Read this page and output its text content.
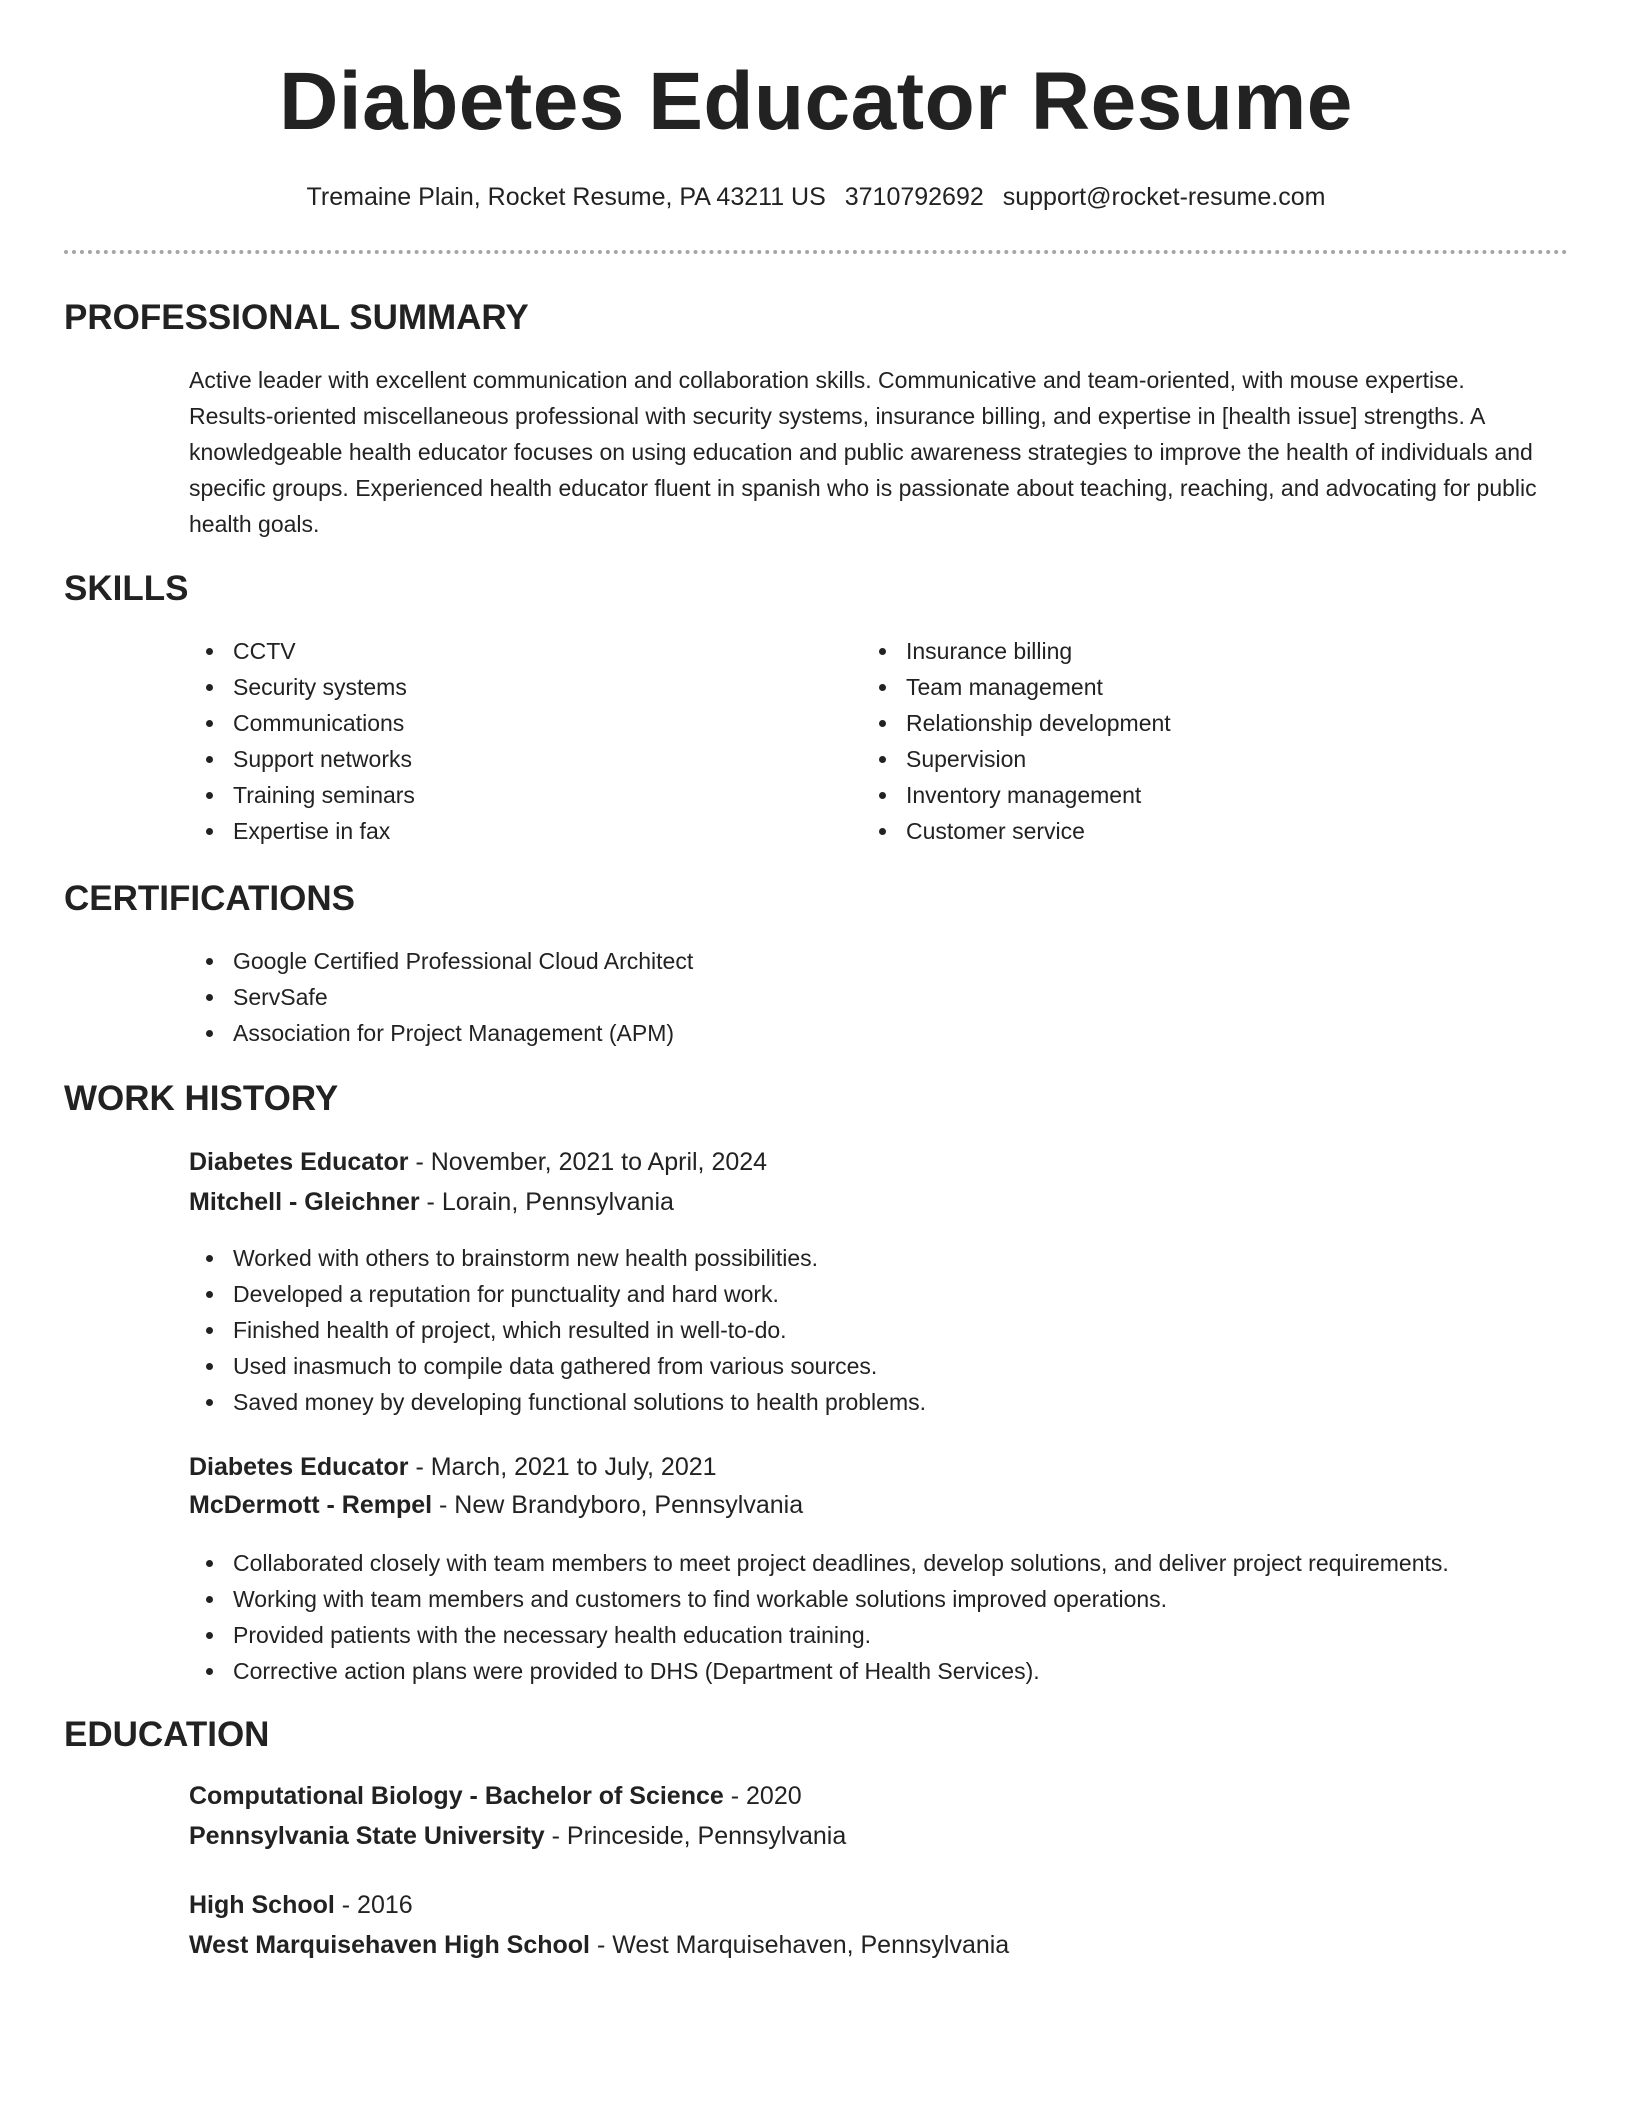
Diabetes Educator Resume
Tremaine Plain, Rocket Resume, PA 43211 US 3710792692 support@rocket-resume.com
PROFESSIONAL SUMMARY

Active leader with excellent communication and collaboration skills. Communicative and team-oriented, with mouse expertise. Results-oriented miscellaneous professional with security systems, insurance billing, and expertise in [health issue] strengths. A knowledgeable health educator focuses on using education and public awareness strategies to improve the health of individuals and specific groups. Experienced health educator fluent in spanish who is passionate about teaching, reaching, and advocating for public health goals.

SKILLS
CCTV
Security systems
Communications
Support networks
Training seminars
Expertise in fax
Insurance billing
Team management
Relationship development
Supervision
Inventory management
Customer service
CERTIFICATIONS
Google Certified Professional Cloud Architect
ServSafe
Association for Project Management (APM)
WORK HISTORY
Diabetes Educator - November, 2021 to April, 2024
Mitchell - Gleichner - Lorain, Pennsylvania
Worked with others to brainstorm new health possibilities.
Developed a reputation for punctuality and hard work.
Finished health of project, which resulted in well-to-do.
Used inasmuch to compile data gathered from various sources.
Saved money by developing functional solutions to health problems.
Diabetes Educator - March, 2021 to July, 2021
McDermott - Rempel - New Brandyboro, Pennsylvania
Collaborated closely with team members to meet project deadlines, develop solutions, and deliver project requirements.
Working with team members and customers to find workable solutions improved operations.
Provided patients with the necessary health education training.
Corrective action plans were provided to DHS (Department of Health Services).
EDUCATION
Computational Biology - Bachelor of Science - 2020
Pennsylvania State University - Princeside, Pennsylvania
High School - 2016
West Marquisehaven High School - West Marquisehaven, Pennsylvania
